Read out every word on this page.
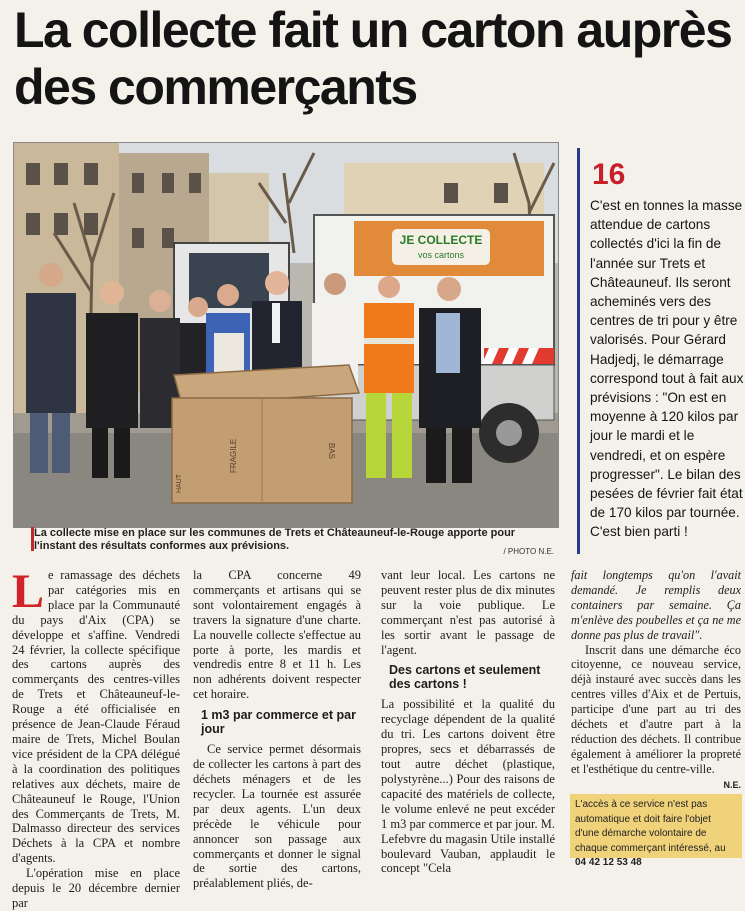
La collecte fait un carton auprès des commerçants
JE COLLECTE
vos cartons
FRAGILE	BAS
HAUT
La collecte mise en place sur les communes de Trets et Châteauneuf-le-Rouge apporte pour l'instant des résultats conformes aux prévisions.	/ PHOTO N.E.
16
C'est en tonnes la masse attendue de cartons collectés d'ici la fin de l'année sur Trets et Châteauneuf. Ils seront acheminés vers des centres de tri pour y être valorisés. Pour Gérard Hadjedj, le démarrage correspond tout à fait aux prévisions : "On est en moyenne à 120 kilos par jour le mardi et le vendredi, et on espère progresser". Le bilan des pesées de février fait état de 170 kilos par tournée. C'est bien parti !

Le ramassage des déchets par catégories mis en place par la Communauté du pays d'Aix (CPA) se développe et s'affine. Vendredi 24 février, la collecte spécifique des cartons auprès des commerçants des centres-villes de Trets et Châteauneuf-le-Rouge a été officialisée en présence de Jean-Claude Féraud maire de Trets, Michel Boulan vice président de la CPA délégué à la coordination des politiques relatives aux déchets, maire de Châteauneuf le Rouge, l'Union des Commerçants de Trets, M. Dalmasso directeur des services Déchets à la CPA et nombre d'agents.

L'opération mise en place depuis le 20 décembre dernier par

la CPA concerne 49 commerçants et artisans qui se sont volontairement engagés à travers la signature d'une charte. La nouvelle collecte s'effectue au porte à porte, les mardis et vendredis entre 8 et 11 h. Les non adhérents doivent respecter cet horaire.

1 m3 par commerce et par jour

Ce service permet désormais de collecter les cartons à part des déchets ménagers et de les recycler. La tournée est assurée par deux agents. L'un deux précède le véhicule pour annoncer son passage aux commerçants et donner le signal de sortie des cartons, préalablement pliés, de-

vant leur local. Les cartons ne peuvent rester plus de dix minutes sur la voie publique. Le commerçant n'est pas autorisé à les sortir avant le passage de l'agent.

Des cartons et seulement des cartons !

La possibilité et la qualité du recyclage dépendent de la qualité du tri. Les cartons doivent être propres, secs et débarrassés de tout autre déchet (plastique, polystyrène...) Pour des raisons de capacité des matériels de collecte, le volume enlevé ne peut excéder 1 m3 par commerce et par jour. M. Lefebvre du magasin Utile installé boulevard Vauban, applaudit le concept "Cela

fait longtemps qu'on l'avait demandé. Je remplis deux containers par semaine. Ça m'enlève des poubelles et ça ne me donne pas plus de travail".

Inscrit dans une démarche éco citoyenne, ce nouveau service, déjà instauré avec succès dans les centres villes d'Aix et de Pertuis, participe d'une part au tri des déchets et d'autre part à la réduction des déchets. Il contribue également à améliorer la propreté et l'esthétique du centre-ville.

N.E.
L'accès à ce service n'est pas automatique et doit faire l'objet d'une démarche volontaire de chaque commerçant intéressé, au 04 42 12 53 48
